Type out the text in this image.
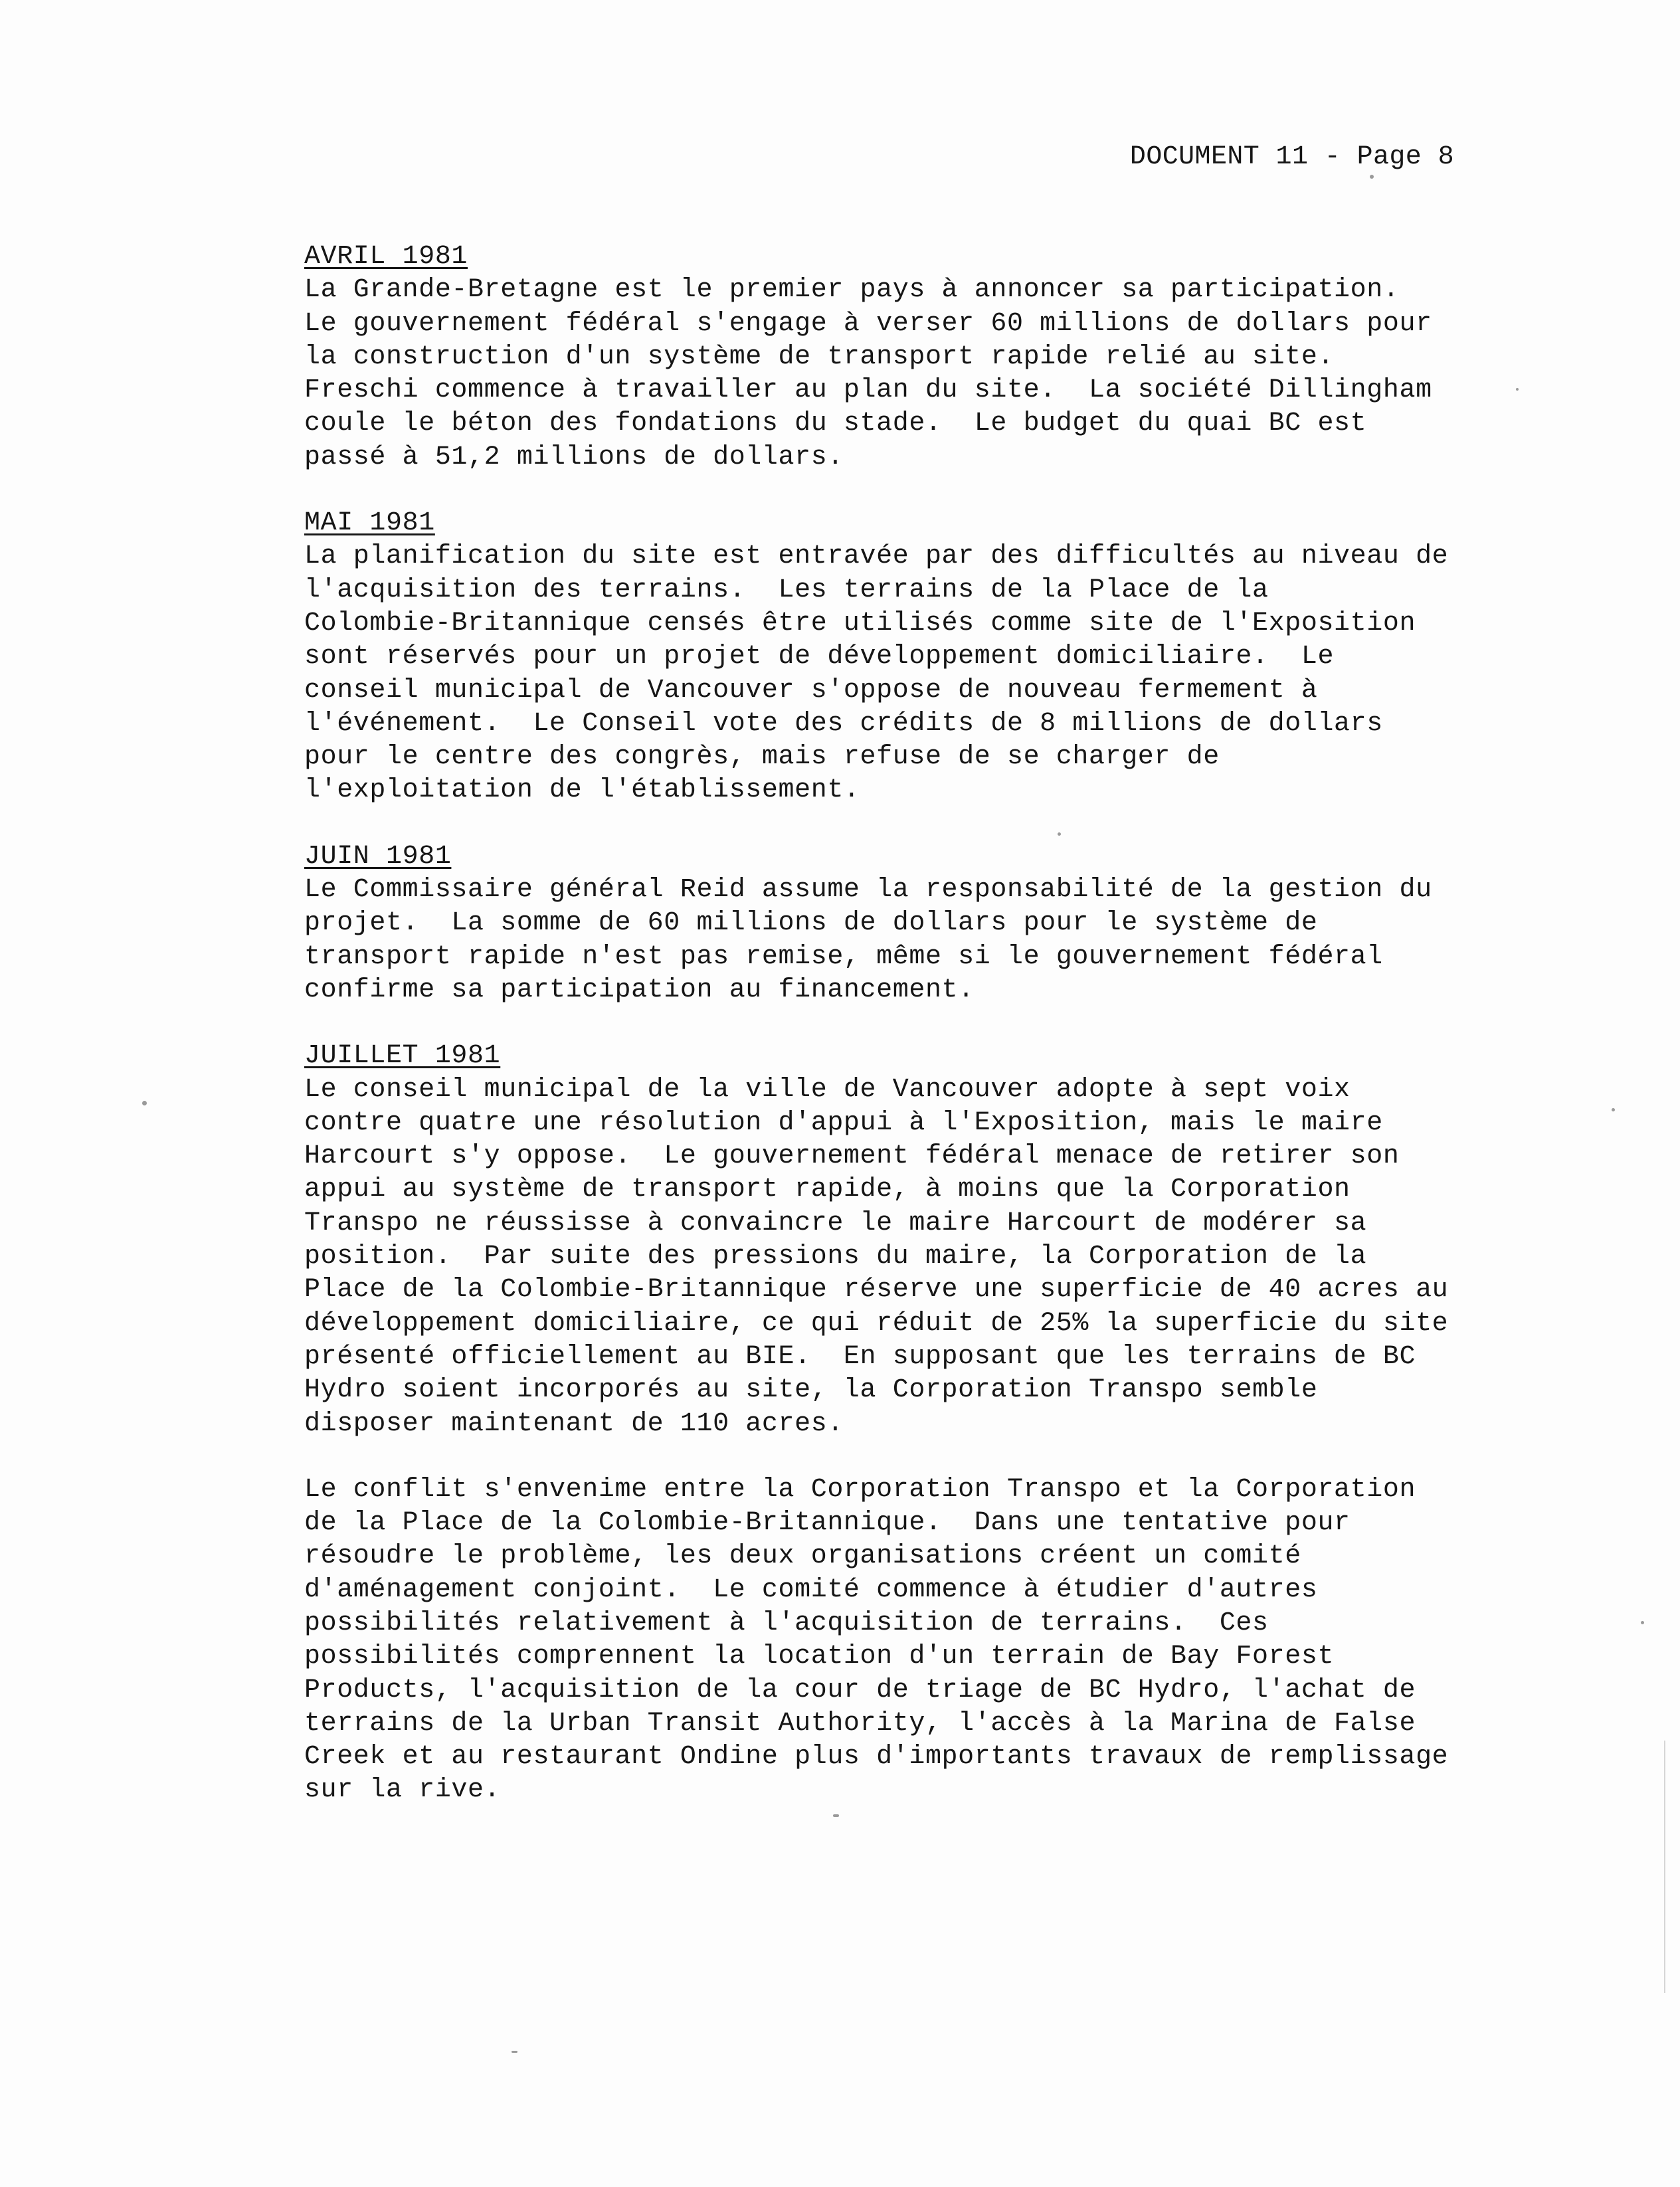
DOCUMENT 11 - Page 8
AVRIL 1981
La Grande-Bretagne est le premier pays à annoncer sa participation.
Le gouvernement fédéral s'engage à verser 60 millions de dollars pour
la construction d'un système de transport rapide relié au site.
Freschi commence à travailler au plan du site.  La société Dillingham
coule le béton des fondations du stade.  Le budget du quai BC est
passé à 51,2 millions de dollars.
MAI 1981
La planification du site est entravée par des difficultés au niveau de
l'acquisition des terrains.  Les terrains de la Place de la
Colombie-Britannique censés être utilisés comme site de l'Exposition
sont réservés pour un projet de développement domiciliaire.  Le
conseil municipal de Vancouver s'oppose de nouveau fermement à
l'événement.  Le Conseil vote des crédits de 8 millions de dollars
pour le centre des congrès, mais refuse de se charger de
l'exploitation de l'établissement.
JUIN 1981
Le Commissaire général Reid assume la responsabilité de la gestion du
projet.  La somme de 60 millions de dollars pour le système de
transport rapide n'est pas remise, même si le gouvernement fédéral
confirme sa participation au financement.
JUILLET 1981
Le conseil municipal de la ville de Vancouver adopte à sept voix
contre quatre une résolution d'appui à l'Exposition, mais le maire
Harcourt s'y oppose.  Le gouvernement fédéral menace de retirer son
appui au système de transport rapide, à moins que la Corporation
Transpo ne réussisse à convaincre le maire Harcourt de modérer sa
position.  Par suite des pressions du maire, la Corporation de la
Place de la Colombie-Britannique réserve une superficie de 40 acres au
développement domiciliaire, ce qui réduit de 25% la superficie du site
présenté officiellement au BIE.  En supposant que les terrains de BC
Hydro soient incorporés au site, la Corporation Transpo semble
disposer maintenant de 110 acres.
Le conflit s'envenime entre la Corporation Transpo et la Corporation
de la Place de la Colombie-Britannique.  Dans une tentative pour
résoudre le problème, les deux organisations créent un comité
d'aménagement conjoint.  Le comité commence à étudier d'autres
possibilités relativement à l'acquisition de terrains.  Ces
possibilités comprennent la location d'un terrain de Bay Forest
Products, l'acquisition de la cour de triage de BC Hydro, l'achat de
terrains de la Urban Transit Authority, l'accès à la Marina de False
Creek et au restaurant Ondine plus d'importants travaux de remplissage
sur la rive.
